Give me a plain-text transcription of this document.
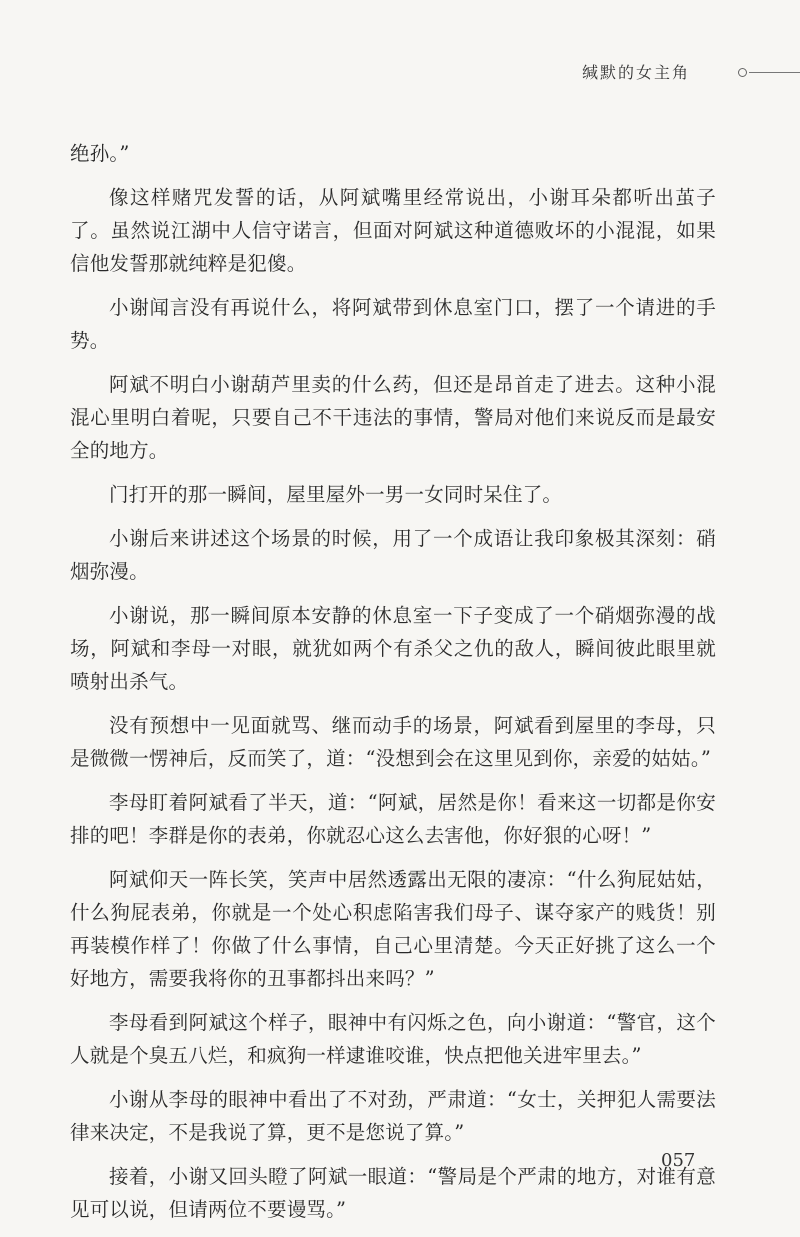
缄默的女主角

绝孙。”

像这样赌咒发誓的话，从阿斌嘴里经常说出，小谢耳朵都听出茧子了。虽然说江湖中人信守诺言，但面对阿斌这种道德败坏的小混混，如果信他发誓那就纯粹是犯傻。

小谢闻言没有再说什么，将阿斌带到休息室门口，摆了一个请进的手势。

阿斌不明白小谢葫芦里卖的什么药，但还是昂首走了进去。这种小混混心里明白着呢，只要自己不干违法的事情，警局对他们来说反而是最安全的地方。

门打开的那一瞬间，屋里屋外一男一女同时呆住了。

小谢后来讲述这个场景的时候，用了一个成语让我印象极其深刻：硝烟弥漫。

小谢说，那一瞬间原本安静的休息室一下子变成了一个硝烟弥漫的战场，阿斌和李母一对眼，就犹如两个有杀父之仇的敌人，瞬间彼此眼里就喷射出杀气。

没有预想中一见面就骂、继而动手的场景，阿斌看到屋里的李母，只是微微一愣神后，反而笑了，道：“没想到会在这里见到你，亲爱的姑姑。”

李母盯着阿斌看了半天，道：“阿斌，居然是你！看来这一切都是你安排的吧！李群是你的表弟，你就忍心这么去害他，你好狠的心呀！”

阿斌仰天一阵长笑，笑声中居然透露出无限的凄凉：“什么狗屁姑姑，什么狗屁表弟，你就是一个处心积虑陷害我们母子、谋夺家产的贱货！别再装模作样了！你做了什么事情，自己心里清楚。今天正好挑了这么一个好地方，需要我将你的丑事都抖出来吗？”

李母看到阿斌这个样子，眼神中有闪烁之色，向小谢道：“警官，这个人就是个臭五八烂，和疯狗一样逮谁咬谁，快点把他关进牢里去。”

小谢从李母的眼神中看出了不对劲，严肃道：“女士，关押犯人需要法律来决定，不是我说了算，更不是您说了算。”

接着，小谢又回头瞪了阿斌一眼道：“警局是个严肃的地方，对谁有意见可以说，但请两位不要谩骂。”

057
